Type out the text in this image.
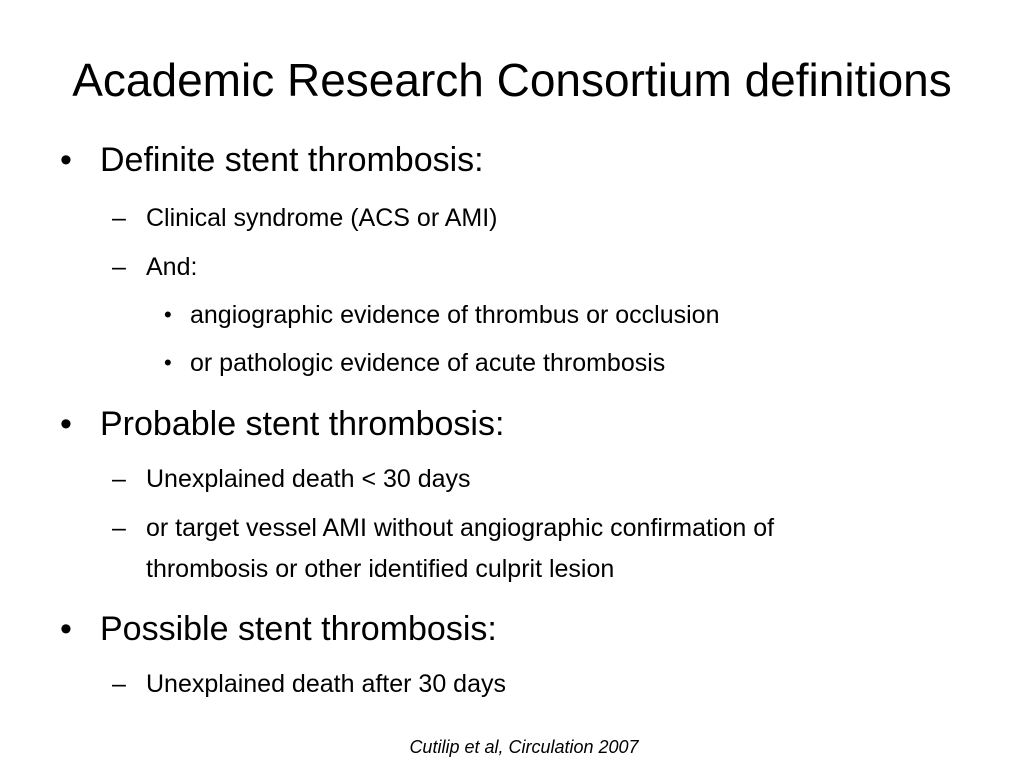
Academic Research Consortium definitions
• Definite stent thrombosis:
– Clinical syndrome (ACS or AMI)
– And:
• angiographic evidence of thrombus or occlusion
• or pathologic evidence of acute thrombosis
• Probable stent thrombosis:
– Unexplained death < 30 days
– or target vessel AMI without angiographic confirmation of
thrombosis or other identified culprit lesion
• Possible stent thrombosis:
– Unexplained death after 30 days
Cutilip et al, Circulation 2007
